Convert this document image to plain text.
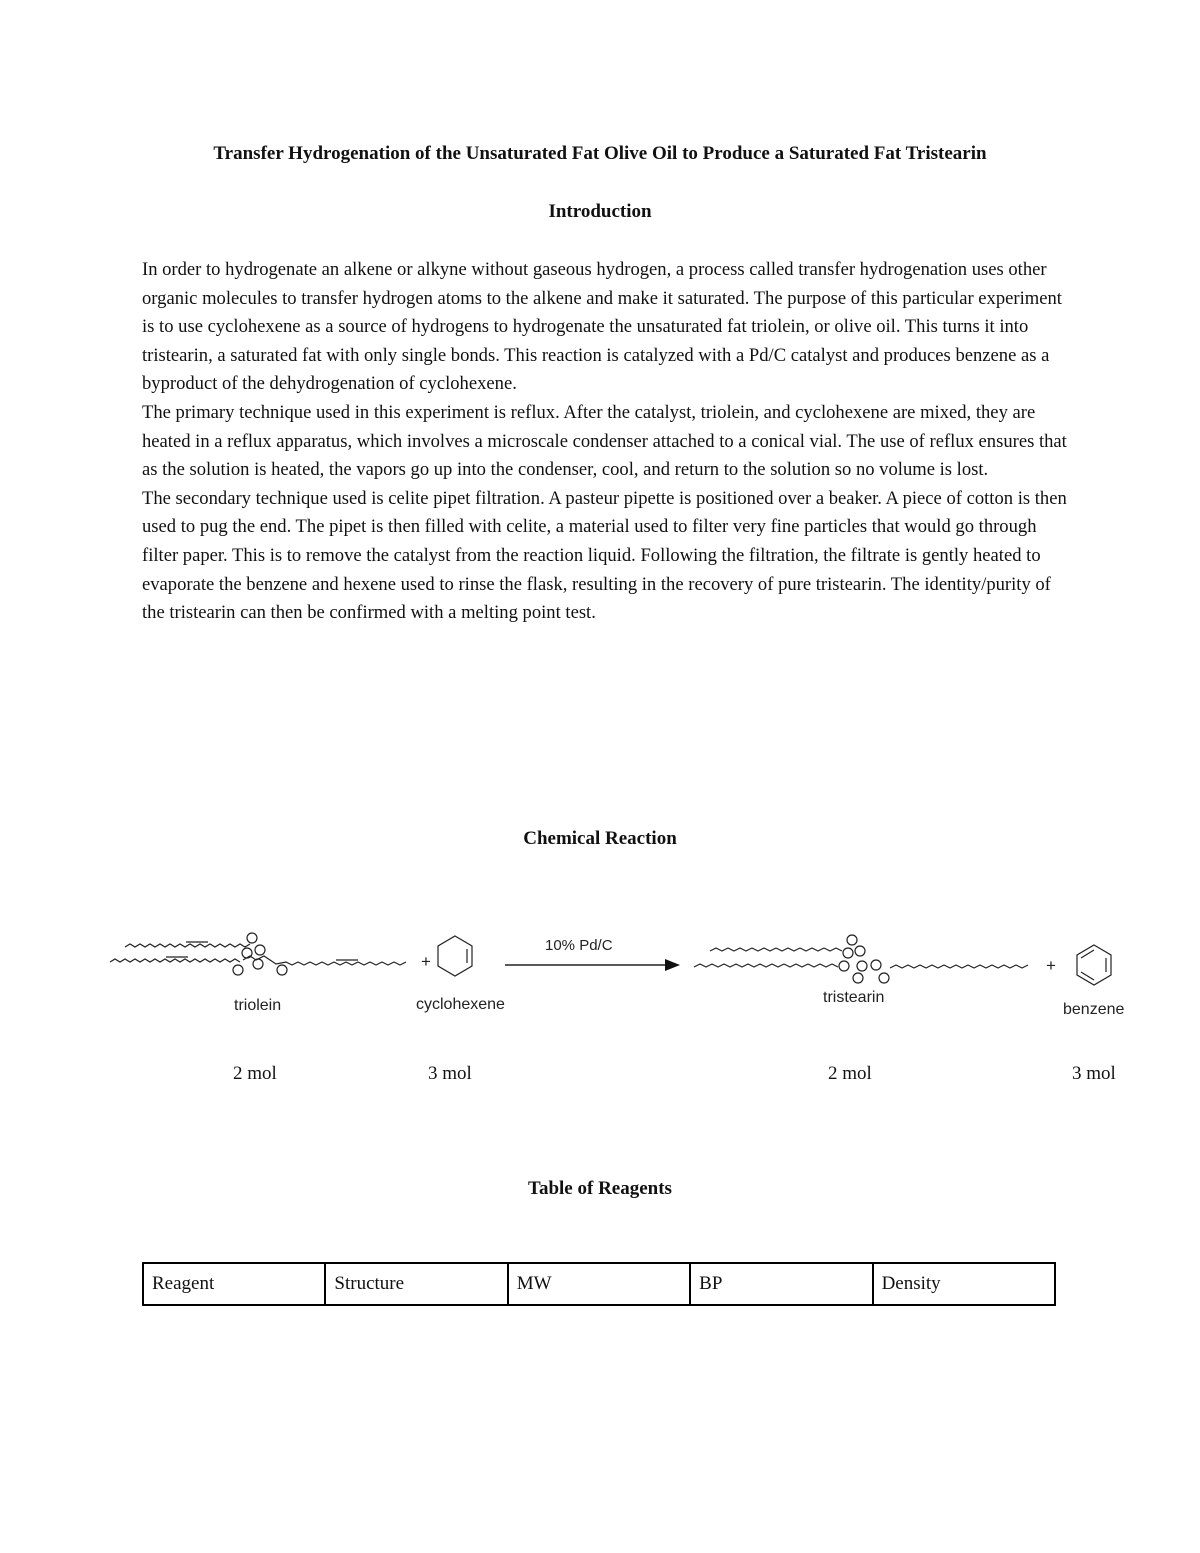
Transfer Hydrogenation of the Unsaturated Fat Olive Oil to Produce a Saturated Fat Tristearin
Introduction

In order to hydrogenate an alkene or alkyne without gaseous hydrogen, a process called transfer hydrogenation uses other organic molecules to transfer hydrogen atoms to the alkene and make it saturated. The purpose of this particular experiment is to use cyclohexene as a source of hydrogens to hydrogenate the unsaturated fat triolein, or olive oil. This turns it into tristearin, a saturated fat with only single bonds. This reaction is catalyzed with a Pd/C catalyst and produces benzene as a byproduct of the dehydrogenation of cyclohexene.

The primary technique used in this experiment is reflux. After the catalyst, triolein, and cyclohexene are mixed, they are heated in a reflux apparatus, which involves a microscale condenser attached to a conical vial. The use of reflux ensures that as the solution is heated, the vapors go up into the condenser, cool, and return to the solution so no volume is lost.

The secondary technique used is celite pipet filtration. A pasteur pipette is positioned over a beaker. A piece of cotton is then used to pug the end. The pipet is then filled with celite, a material used to filter very fine particles that would go through filter paper. This is to remove the catalyst from the reaction liquid. Following the filtration, the filtrate is gently heated to evaporate the benzene and hexene used to rinse the flask, resulting in the recovery of pure tristearin. The identity/purity of the tristearin can then be confirmed with a melting point test.

Chemical Reaction
+
10% Pd/C
+
triolein	cyclohexene	tristearin
benzene
2 mol	3 mol	2 mol	3 mol
Table of Reagents
Reagent	Structure	MW	BP	Density
